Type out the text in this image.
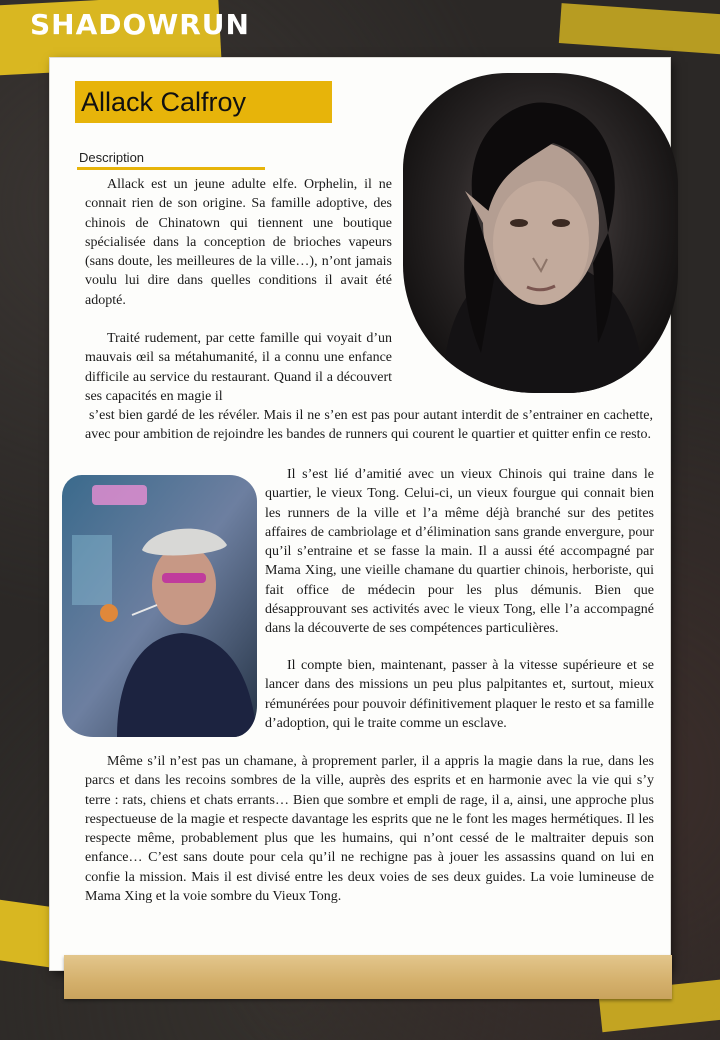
SHADOWRUN
Allack Calfroy
Description

Allack est un jeune adulte elfe. Orphelin, il ne connait rien de son origine. Sa famille adoptive, des chinois de Chinatown qui tiennent une boutique spécialisée dans la conception de brioches vapeurs (sans doute, les meilleures de la ville…), n’ont jamais voulu lui dire dans quelles conditions il avait été adopté.

Traité rudement, par cette famille qui voyait d’un mauvais œil sa métahumanité, il a connu une enfance difficile au service du restaurant. Quand il a découvert ses capacités en magie il

s’est bien gardé de les révéler. Mais il ne s’en est pas pour autant interdit de s’entrainer en cachette, avec pour ambition de rejoindre les bandes de runners qui courent le quartier et quitter enfin ce resto.

Il s’est lié d’amitié avec un vieux Chinois qui traine dans le quartier, le vieux Tong. Celui-ci, un vieux fourgue qui connait bien les runners de la ville et l’a même déjà branché sur des petites affaires de cambriolage et d’élimination sans grande envergure, pour qu’il s’entraine et se fasse la main. Il a aussi été accompagné par Mama Xing, une vieille chamane du quartier chinois, herboriste, qui fait office de médecin pour les plus démunis. Bien que désapprouvant ses activités avec le vieux Tong, elle l’a accompagné dans la découverte de ses compétences particulières.

Il compte bien, maintenant, passer à la vitesse supérieure et se lancer dans des missions un peu plus palpitantes et, surtout, mieux rémunérées pour pouvoir définitivement plaquer le resto et sa famille d’adoption, qui le traite comme un esclave.

Même s’il n’est pas un chamane, à proprement parler, il a appris la magie dans la rue, dans les parcs et dans les recoins sombres de la ville, auprès des esprits et en harmonie avec la vie qui s’y terre : rats, chiens et chats errants… Bien que sombre et empli de rage, il a, ainsi, une approche plus respectueuse de la magie et respecte davantage les esprits que ne le font les mages hermétiques. Il les respecte même, probablement plus que les humains, qui n’ont cessé de le maltraiter depuis son enfance… C’est sans doute pour cela qu’il ne rechigne pas à jouer les assassins quand on lui en confie la mission. Mais il est divisé entre les deux voies de ses deux guides. La voie lumineuse de Mama Xing et la voie sombre du Vieux Tong.
